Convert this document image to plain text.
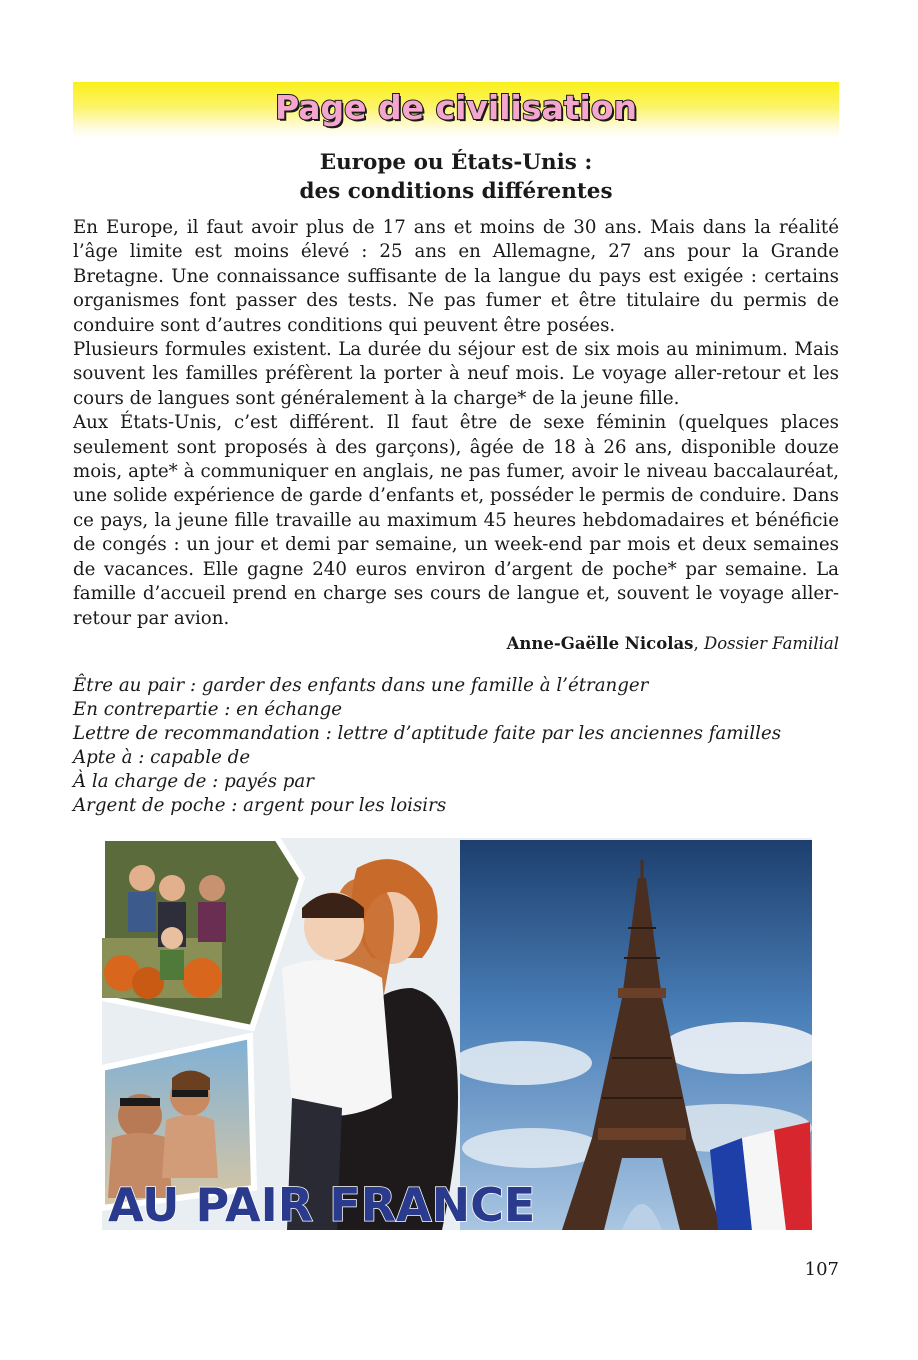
Page de civilisation
Europe ou États-Unis :
des conditions différentes

En Europe, il faut avoir plus de 17 ans et moins de 30 ans. Mais dans la réalité l’âge limite est moins élevé : 25 ans en Allemagne, 27 ans pour la Grande Bretagne. Une connaissance suffisante de la langue du pays est exigée : certains organismes font passer des tests. Ne pas fumer et être titulaire du permis de conduire sont d’autres conditions qui peuvent être posées.

Plusieurs formules existent. La durée du séjour est de six mois au minimum. Mais souvent les familles préfèrent la porter à neuf mois. Le voyage aller-retour et les cours de langues sont généralement à la charge* de la jeune fille.

Aux États-Unis, c’est différent. Il faut être de sexe féminin (quelques places seulement sont proposés à des garçons), âgée de 18 à 26 ans, disponible douze mois, apte* à communiquer en anglais, ne pas fumer, avoir le niveau baccalauréat, une solide expérience de garde d’enfants et, posséder le permis de conduire. Dans ce pays, la jeune fille travaille au maximum 45 heures hebdomadaires et bénéficie de congés : un jour et demi par semaine, un week-end par mois et deux semaines de vacances. Elle gagne 240 euros environ d’argent de poche* par semaine. La famille d’accueil prend en charge ses cours de langue et, souvent le voyage aller-retour par avion.

Anne-Gaëlle Nicolas, Dossier Familial
Être au pair : garder des enfants dans une famille à l’étranger
En contrepartie : en échange
Lettre de recommandation : lettre d’aptitude faite par les anciennes familles
Apte à : capable de
À la charge de : payés par
Argent de poche : argent pour les loisirs
AU PAIR FRANCE
107
